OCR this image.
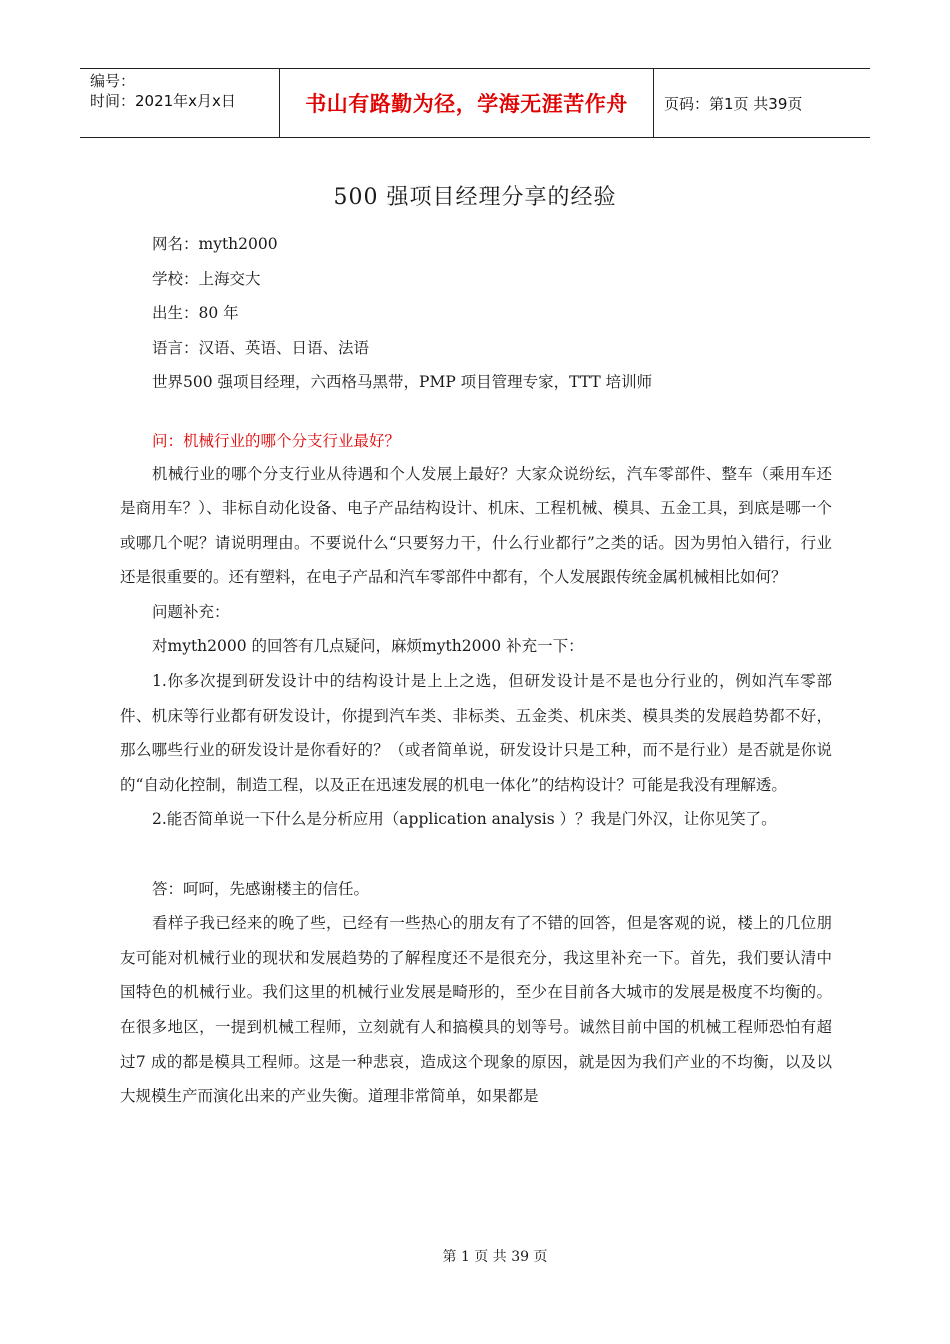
编号：
时间：2021年x月x日	书山有路勤为径，学海无涯苦作舟 页码：第1页 共39页
500 强项目经理分享的经验
网名：myth2000
学校：上海交大
出生：80 年
语言：汉语、英语、日语、法语
世界500 强项目经理，六西格马黑带，PMP 项目管理专家，TTT 培训师
问：机械行业的哪个分支行业最好？

机械行业的哪个分支行业从待遇和个人发展上最好？大家众说纷纭，汽车零部件、整车（乘用车还是商用车？）、非标自动化设备、电子产品结构设计、机床、工程机械、模具、五金工具，到底是哪一个或哪几个呢？请说明理由。不要说什么“只要努力干，什么行业都行”之类的话。因为男怕入错行，行业还是很重要的。还有塑料，在电子产品和汽车零部件中都有，个人发展跟传统金属机械相比如何？

问题补充：

对myth2000 的回答有几点疑问，麻烦myth2000 补充一下：

1.你多次提到研发设计中的结构设计是上上之选，但研发设计是不是也分行业的，例如汽车零部件、机床等行业都有研发设计，你提到汽车类、非标类、五金类、机床类、模具类的发展趋势都不好，那么哪些行业的研发设计是你看好的？（或者简单说，研发设计只是工种，而不是行业）是否就是你说的“自动化控制，制造工程，以及正在迅速发展的机电一体化”的结构设计？可能是我没有理解透。

2.能否简单说一下什么是分析应用（application analysis ）？我是门外汉，让你见笑了。

答：呵呵，先感谢楼主的信任。

看样子我已经来的晚了些，已经有一些热心的朋友有了不错的回答，但是客观的说，楼上的几位朋友可能对机械行业的现状和发展趋势的了解程度还不是很充分，我这里补充一下。首先，我们要认清中国特色的机械行业。我们这里的机械行业发展是畸形的，至少在目前各大城市的发展是极度不均衡的。在很多地区，一提到机械工程师，立刻就有人和搞模具的划等号。诚然目前中国的机械工程师恐怕有超过7 成的都是模具工程师。这是一种悲哀，造成这个现象的原因，就是因为我们产业的不均衡，以及以大规模生产而演化出来的产业失衡。道理非常简单，如果都是

第 1 页 共 39 页
